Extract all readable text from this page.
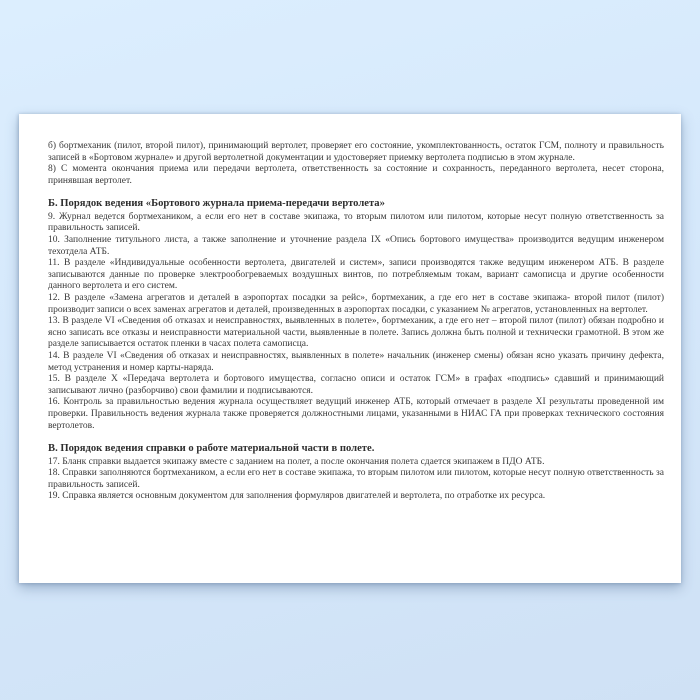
б) бортмеханик (пилот, второй пилот), принимающий вертолет, проверяет его состояние, укомплектованность, остаток ГСМ, полноту и правильность записей в «Бортовом журнале» и другой вертолетной документации и удостоверяет приемку вертолета подписью в этом журнале.

8) С момента окончания приема или передачи вертолета, ответственность за состояние и сохранность, переданного вертолета, несет сторона, принявшая вертолет.

Б. Порядок ведения «Бортового журнала приема-передачи вертолета»

9. Журнал ведется бортмехаником, а если его нет в составе экипажа, то вторым пилотом или пилотом, которые несут полную ответственность за правильность записей.

10. Заполнение титульного листа, а также заполнение и уточнение раздела IX «Опись бортового имущества» производится ведущим инженером техотдела АТБ.

11. В разделе «Индивидуальные особенности вертолета, двигателей и систем», записи производятся также ведущим инженером АТБ. В разделе записываются данные по проверке электрообогреваемых воздушных винтов, по потребляемым токам, вариант самописца и другие особенности данного вертолета и его систем.

12. В разделе «Замена агрегатов и деталей в аэропортах посадки за рейс», бортмеханик, а где его нет в составе экипажа- второй пилот (пилот) производит записи о всех заменах агрегатов и деталей, произведенных в аэропортах посадки, с указанием № агрегатов, установленных на вертолет.

13. В разделе VI «Сведения об отказах и неисправностях, выявленных в полете», бортмеханик, а где его нет – второй пилот (пилот) обязан подробно и ясно записать все отказы и неисправности материальной части, выявленные в полете. Запись должна быть полной и технически грамотной. В этом же разделе записывается остаток пленки в часах полета самописца.

14. В разделе VI «Сведения об отказах и неисправностях, выявленных в полете» начальник (инженер смены) обязан ясно указать причину дефекта, метод устранения и номер карты-наряда.

15. В разделе X «Передача вертолета и бортового имущества, согласно описи и остаток ГСМ» в графах «подпись» сдавший и принимающий записывают лично (разборчиво) свои фамилии и подписываются.

16. Контроль за правильностью ведения журнала осуществляет ведущий инженер АТБ, который отмечает в разделе XI результаты проведенной им проверки. Правильность ведения журнала также проверяется должностными лицами, указанными в НИАС ГА при проверках технического состояния вертолетов.

В. Порядок ведения справки о работе материальной части в полете.

17. Бланк справки выдается экипажу вместе с заданием на полет, а после окончания полета сдается экипажем в ПДО АТБ.

18. Справки заполняются бортмехаником, а если его нет в составе экипажа, то вторым пилотом или пилотом, которые несут полную ответственность за правильность записей.

19. Справка является основным документом для заполнения формуляров двигателей и вертолета, по отработке их ресурса.
